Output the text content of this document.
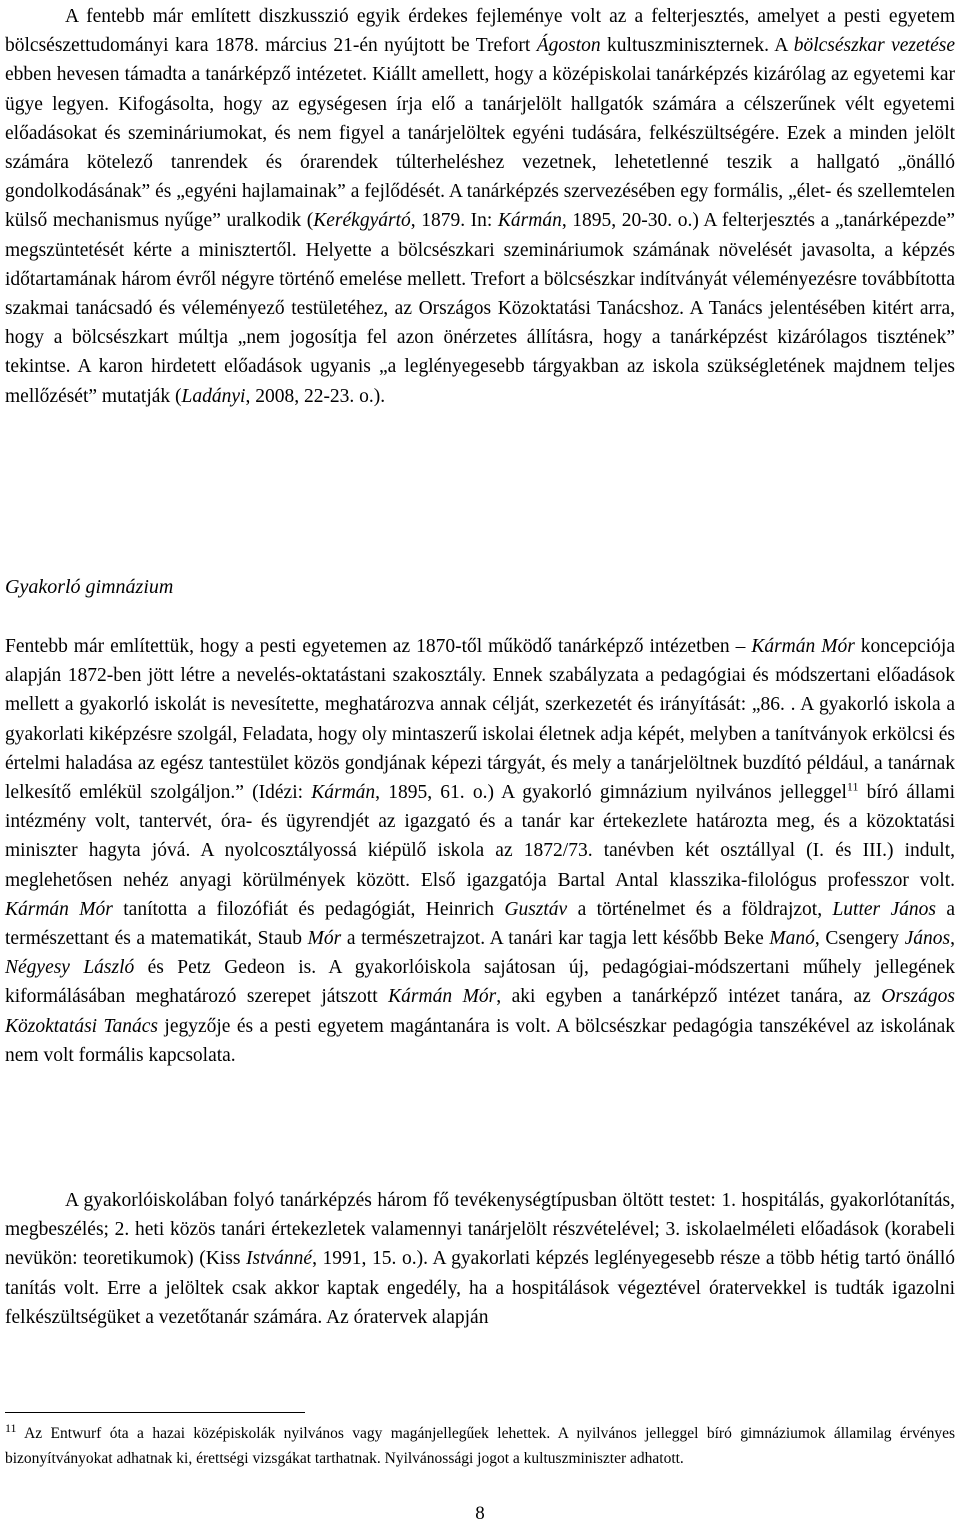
A fentebb már említett diszkusszió egyik érdekes fejleménye volt az a felterjesztés, amelyet a pesti egyetem bölcsészettudományi kara 1878. március 21-én nyújtott be Trefort Ágoston kultuszminiszternek. A bölcsészkar vezetése ebben hevesen támadta a tanárképző intézetet. Kiállt amellett, hogy a középiskolai tanárképzés kizárólag az egyetemi kar ügye legyen. Kifogásolta, hogy az egységesen írja elő a tanárjelölt hallgatók számára a célszerűnek vélt egyetemi előadásokat és szemináriumokat, és nem figyel a tanárjelöltek egyéni tudására, felkészültségére. Ezek a minden jelölt számára kötelező tanrendek és órarendek túlterheléshez vezetnek, lehetetlenné teszik a hallgató „önálló gondolkodásának” és „egyéni hajlamainak” a fejlődését. A tanárképzés szervezésében egy formális, „élet- és szellemtelen külső mechanismus nyűge” uralkodik (Kerékgyártó, 1879. In: Kármán, 1895, 20-30. o.) A felterjesztés a „tanárképezde” megszüntetését kérte a minisztertől. Helyette a bölcsészkari szemináriumok számának növelését javasolta, a képzés időtartamának három évről négyre történő emelése mellett. Trefort a bölcsészkar indítványát véleményezésre továbbította szakmai tanácsadó és véleményező testületéhez, az Országos Közoktatási Tanácshoz. A Tanács jelentésében kitért arra, hogy a bölcsészkart múltja „nem jogosítja fel azon önérzetes állításra, hogy a tanárképzést kizárólagos tisztének” tekintse. A karon hirdetett előadások ugyanis „a leglényegesebb tárgyakban az iskola szükségletének majdnem teljes mellőzését” mutatják (Ladányi, 2008, 22-23. o.).

Gyakorló gimnázium

Fentebb már említettük, hogy a pesti egyetemen az 1870-től működő tanárképző intézetben – Kármán Mór koncepciója alapján 1872-ben jött létre a nevelés-oktatástani szakosztály. Ennek szabályzata a pedagógiai és módszertani előadások mellett a gyakorló iskolát is nevesítette, meghatározva annak célját, szerkezetét és irányítását: „86. . A gyakorló iskola a gyakorlati kiképzésre szolgál, Feladata, hogy oly mintaszerű iskolai életnek adja képét, melyben a tanítványok erkölcsi és értelmi haladása az egész tantestület közös gondjának képezi tárgyát, és mely a tanárjelöltnek buzdító például, a tanárnak lelkesítő emlékül szolgáljon.” (Idézi: Kármán, 1895, 61. o.) A gyakorló gimnázium nyilvános jelleggel$^{11}$ bíró állami intézmény volt, tantervét, óra- és ügyrendjét az igazgató és a tanár kar értekezlete határozta meg, és a közoktatási miniszter hagyta jóvá. A nyolcosztályossá kiépülő iskola az 1872/73. tanévben két osztállyal (I. és III.) indult, meglehetősen nehéz anyagi körülmények között. Első igazgatója Bartal Antal klasszika-filológus professzor volt. Kármán Mór tanította a filozófiát és pedagógiát, Heinrich Gusztáv a történelmet és a földrajzot, Lutter János a természettant és a matematikát, Staub Mór a természetrajzot. A tanári kar tagja lett később Beke Manó, Csengery János, Négyesy László és Petz Gedeon is. A gyakorlóiskola sajátosan új, pedagógiai-módszertani műhely jellegének kiformálásában meghatározó szerepet játszott Kármán Mór, aki egyben a tanárképző intézet tanára, az Országos Közoktatási Tanács jegyzője és a pesti egyetem magántanára is volt. A bölcsészkar pedagógia tanszékével az iskolának nem volt formális kapcsolata.

A gyakorlóiskolában folyó tanárképzés három fő tevékenységtípusban öltött testet: 1. hospitálás, gyakorlótanítás, megbeszélés; 2. heti közös tanári értekezletek valamennyi tanárjelölt részvételével; 3. iskolaelméleti előadások (korabeli nevükön: teoretikumok) (Kiss Istvánné, 1991, 15. o.). A gyakorlati képzés leglényegesebb része a több hétig tartó önálló tanítás volt. Erre a jelöltek csak akkor kaptak engedély, ha a hospitálások végeztével óratervekkel is tudták igazolni felkészültségüket a vezetőtanár számára. Az óratervek alapján

$^{11}$ Az Entwurf óta a hazai középiskolák nyilvános vagy magánjellegűek lehettek. A nyilvános jelleggel bíró gimnáziumok államilag érvényes bizonyítványokat adhatnak ki, érettségi vizsgákat tarthatnak. Nyilvánossági jogot a kultuszminiszter adhatott.

8
